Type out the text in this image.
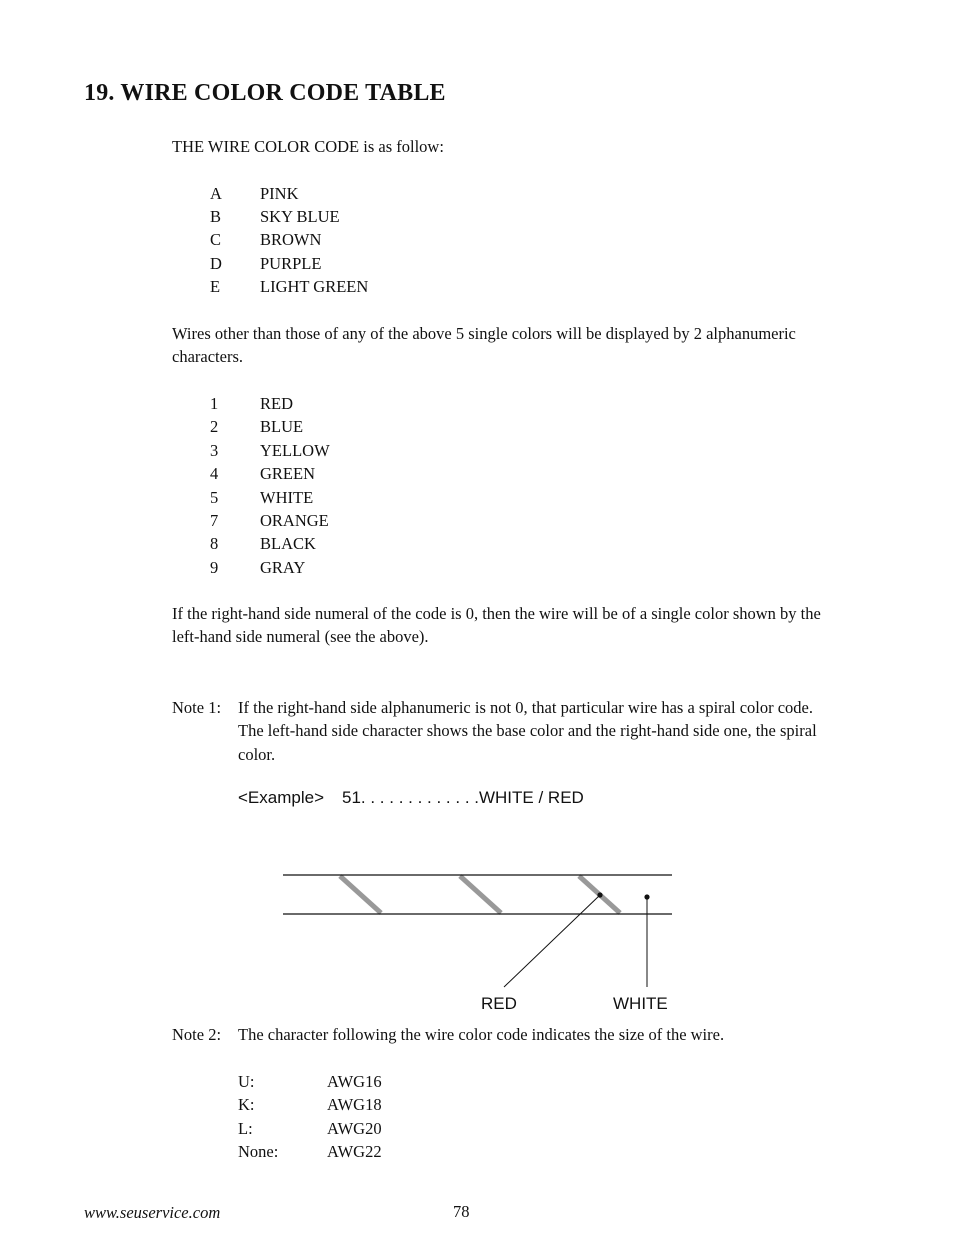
19. WIRE COLOR CODE TABLE
THE WIRE COLOR CODE is as follow:
A PINK
B SKY BLUE
C BROWN
D PURPLE
E LIGHT GREEN
Wires other than those of any of the above 5 single colors will be displayed by 2 alphanumeric characters.
1	RED
2	BLUE
3	YELLOW
4	GREEN
5	WHITE
7	ORANGE
8	BLACK
9	GRAY
If the right-hand side numeral of the code is 0, then the wire will be of a single color shown by the left-hand side numeral (see the above).
Note 1: If the right-hand side alphanumeric is not 0, that particular wire has a spiral color code. The left-hand side character shows the base color and the right-hand side one, the spiral color.
<Example> 51. . . . . . . . . . . . .WHITE / RED
RED	WHITE
Note 2: The character following the wire color code indicates the size of the wire.
U:	AWG16
K:	AWG18
L:	AWG20
None:	AWG22
www.seuservice.com	78
